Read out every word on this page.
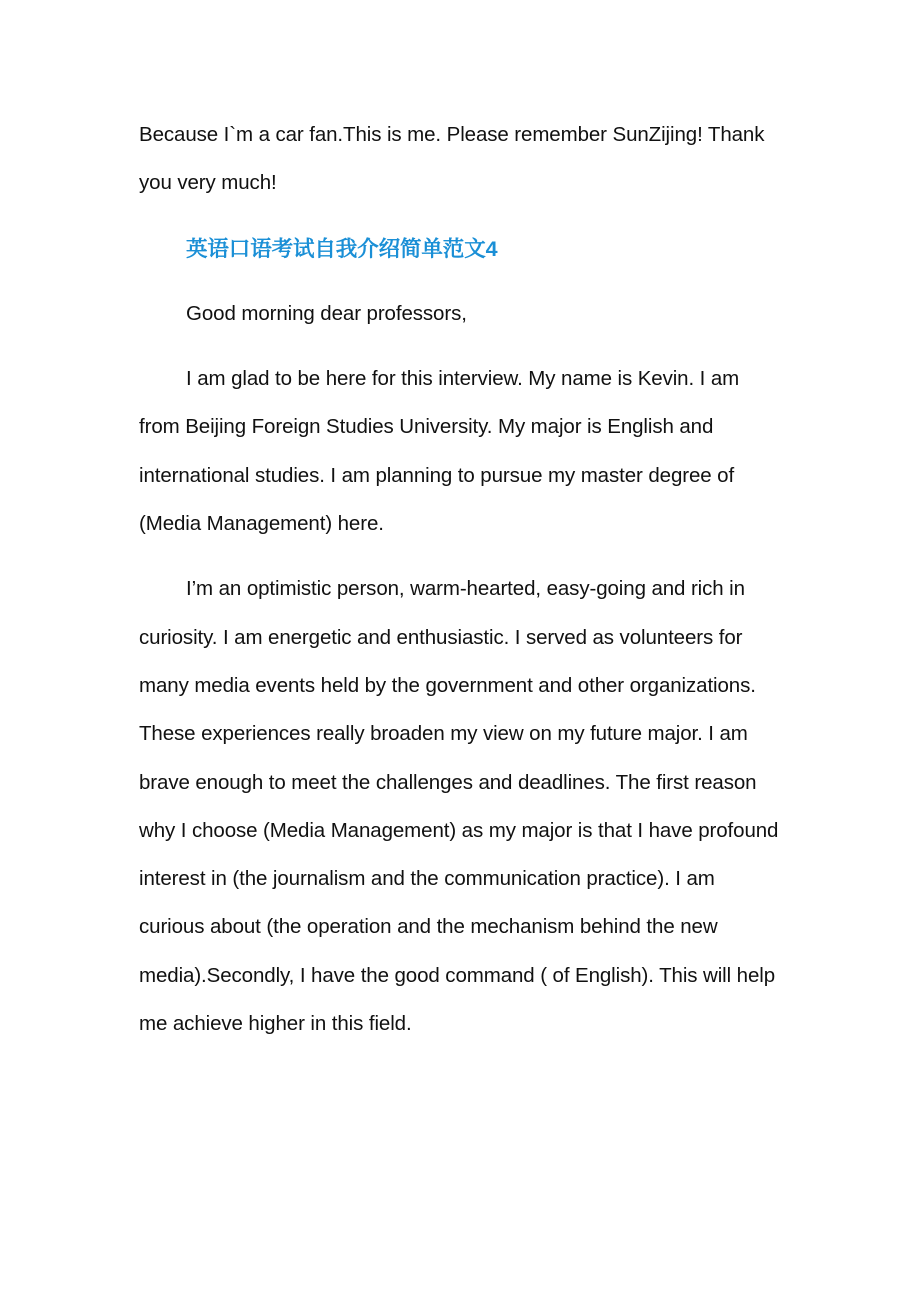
Because I`m a car fan.This is me. Please remember SunZijing! Thank you very much!

英语口语考试自我介绍简单范文4

Good morning dear professors,

I am glad to be here for this interview. My name is Kevin. I am from Beijing Foreign Studies University. My major is English and international studies. I am planning to pursue my master degree of (Media Management) here.

I’m an optimistic person, warm-hearted, easy-going and rich in curiosity. I am energetic and enthusiastic. I served as volunteers for many media events held by the government and other organizations. These experiences really broaden my view on my future major. I am brave enough to meet the challenges and deadlines. The first reason why I choose (Media Management) as my major is that I have profound interest in (the journalism and the communication practice). I am curious about (the operation and the mechanism behind the new media).Secondly, I have the good command ( of English). This will help me achieve higher in this field.
